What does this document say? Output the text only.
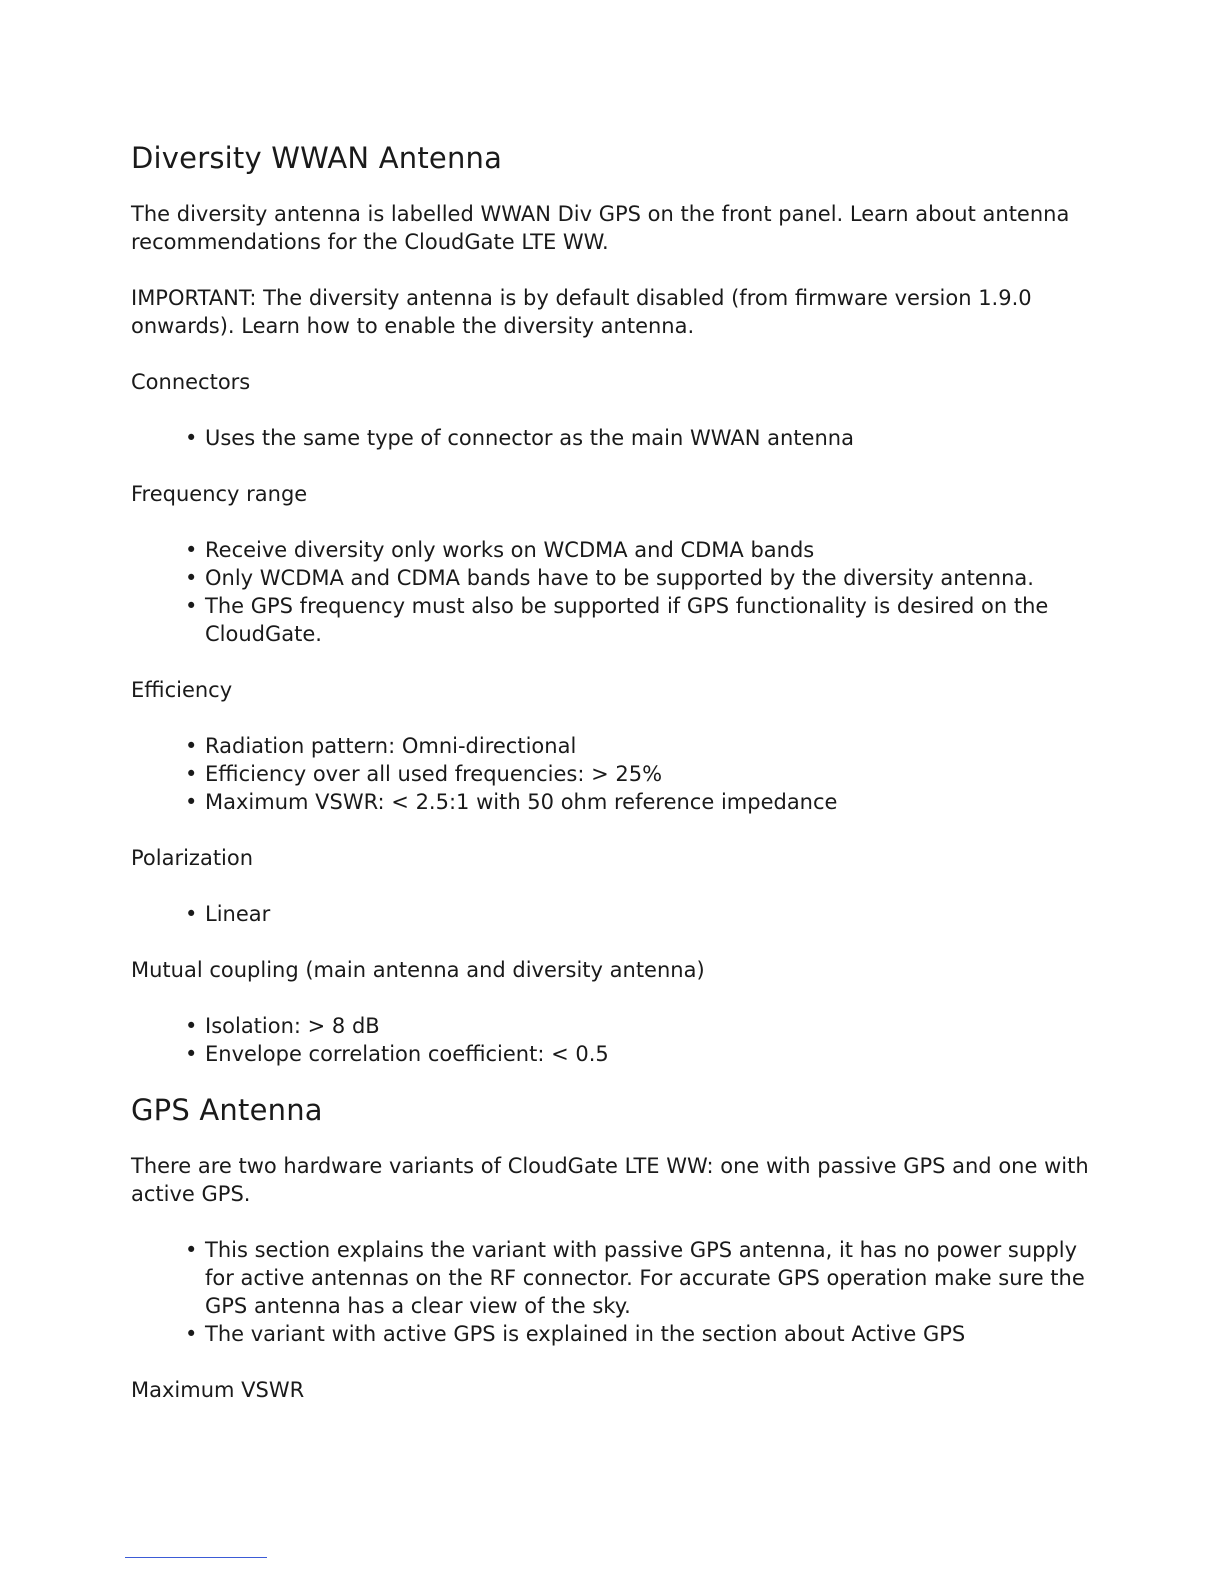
Diversity WWAN Antenna

The diversity antenna is labelled WWAN Div GPS on the front panel. Learn about antenna recommendations for the CloudGate LTE WW.

IMPORTANT: The diversity antenna is by default disabled (from firmware version 1.9.0 onwards). Learn how to enable the diversity antenna.

Connectors

• Uses the same type of connector as the main WWAN antenna

Frequency range

• Receive diversity only works on WCDMA and CDMA bands
• Only WCDMA and CDMA bands have to be supported by the diversity antenna.
• The GPS frequency must also be supported if GPS functionality is desired on the CloudGate.

Efficiency

• Radiation pattern: Omni-directional
• Efficiency over all used frequencies: > 25%
• Maximum VSWR: < 2.5:1 with 50 ohm reference impedance

Polarization

• Linear

Mutual coupling (main antenna and diversity antenna)

• Isolation: > 8 dB
• Envelope correlation coefficient: < 0.5
GPS Antenna

There are two hardware variants of CloudGate LTE WW: one with passive GPS and one with active GPS.

• This section explains the variant with passive GPS antenna, it has no power supply for active antennas on the RF connector. For accurate GPS operation make sure the GPS antenna has a clear view of the sky.
• The variant with active GPS is explained in the section about Active GPS

Maximum VSWR
